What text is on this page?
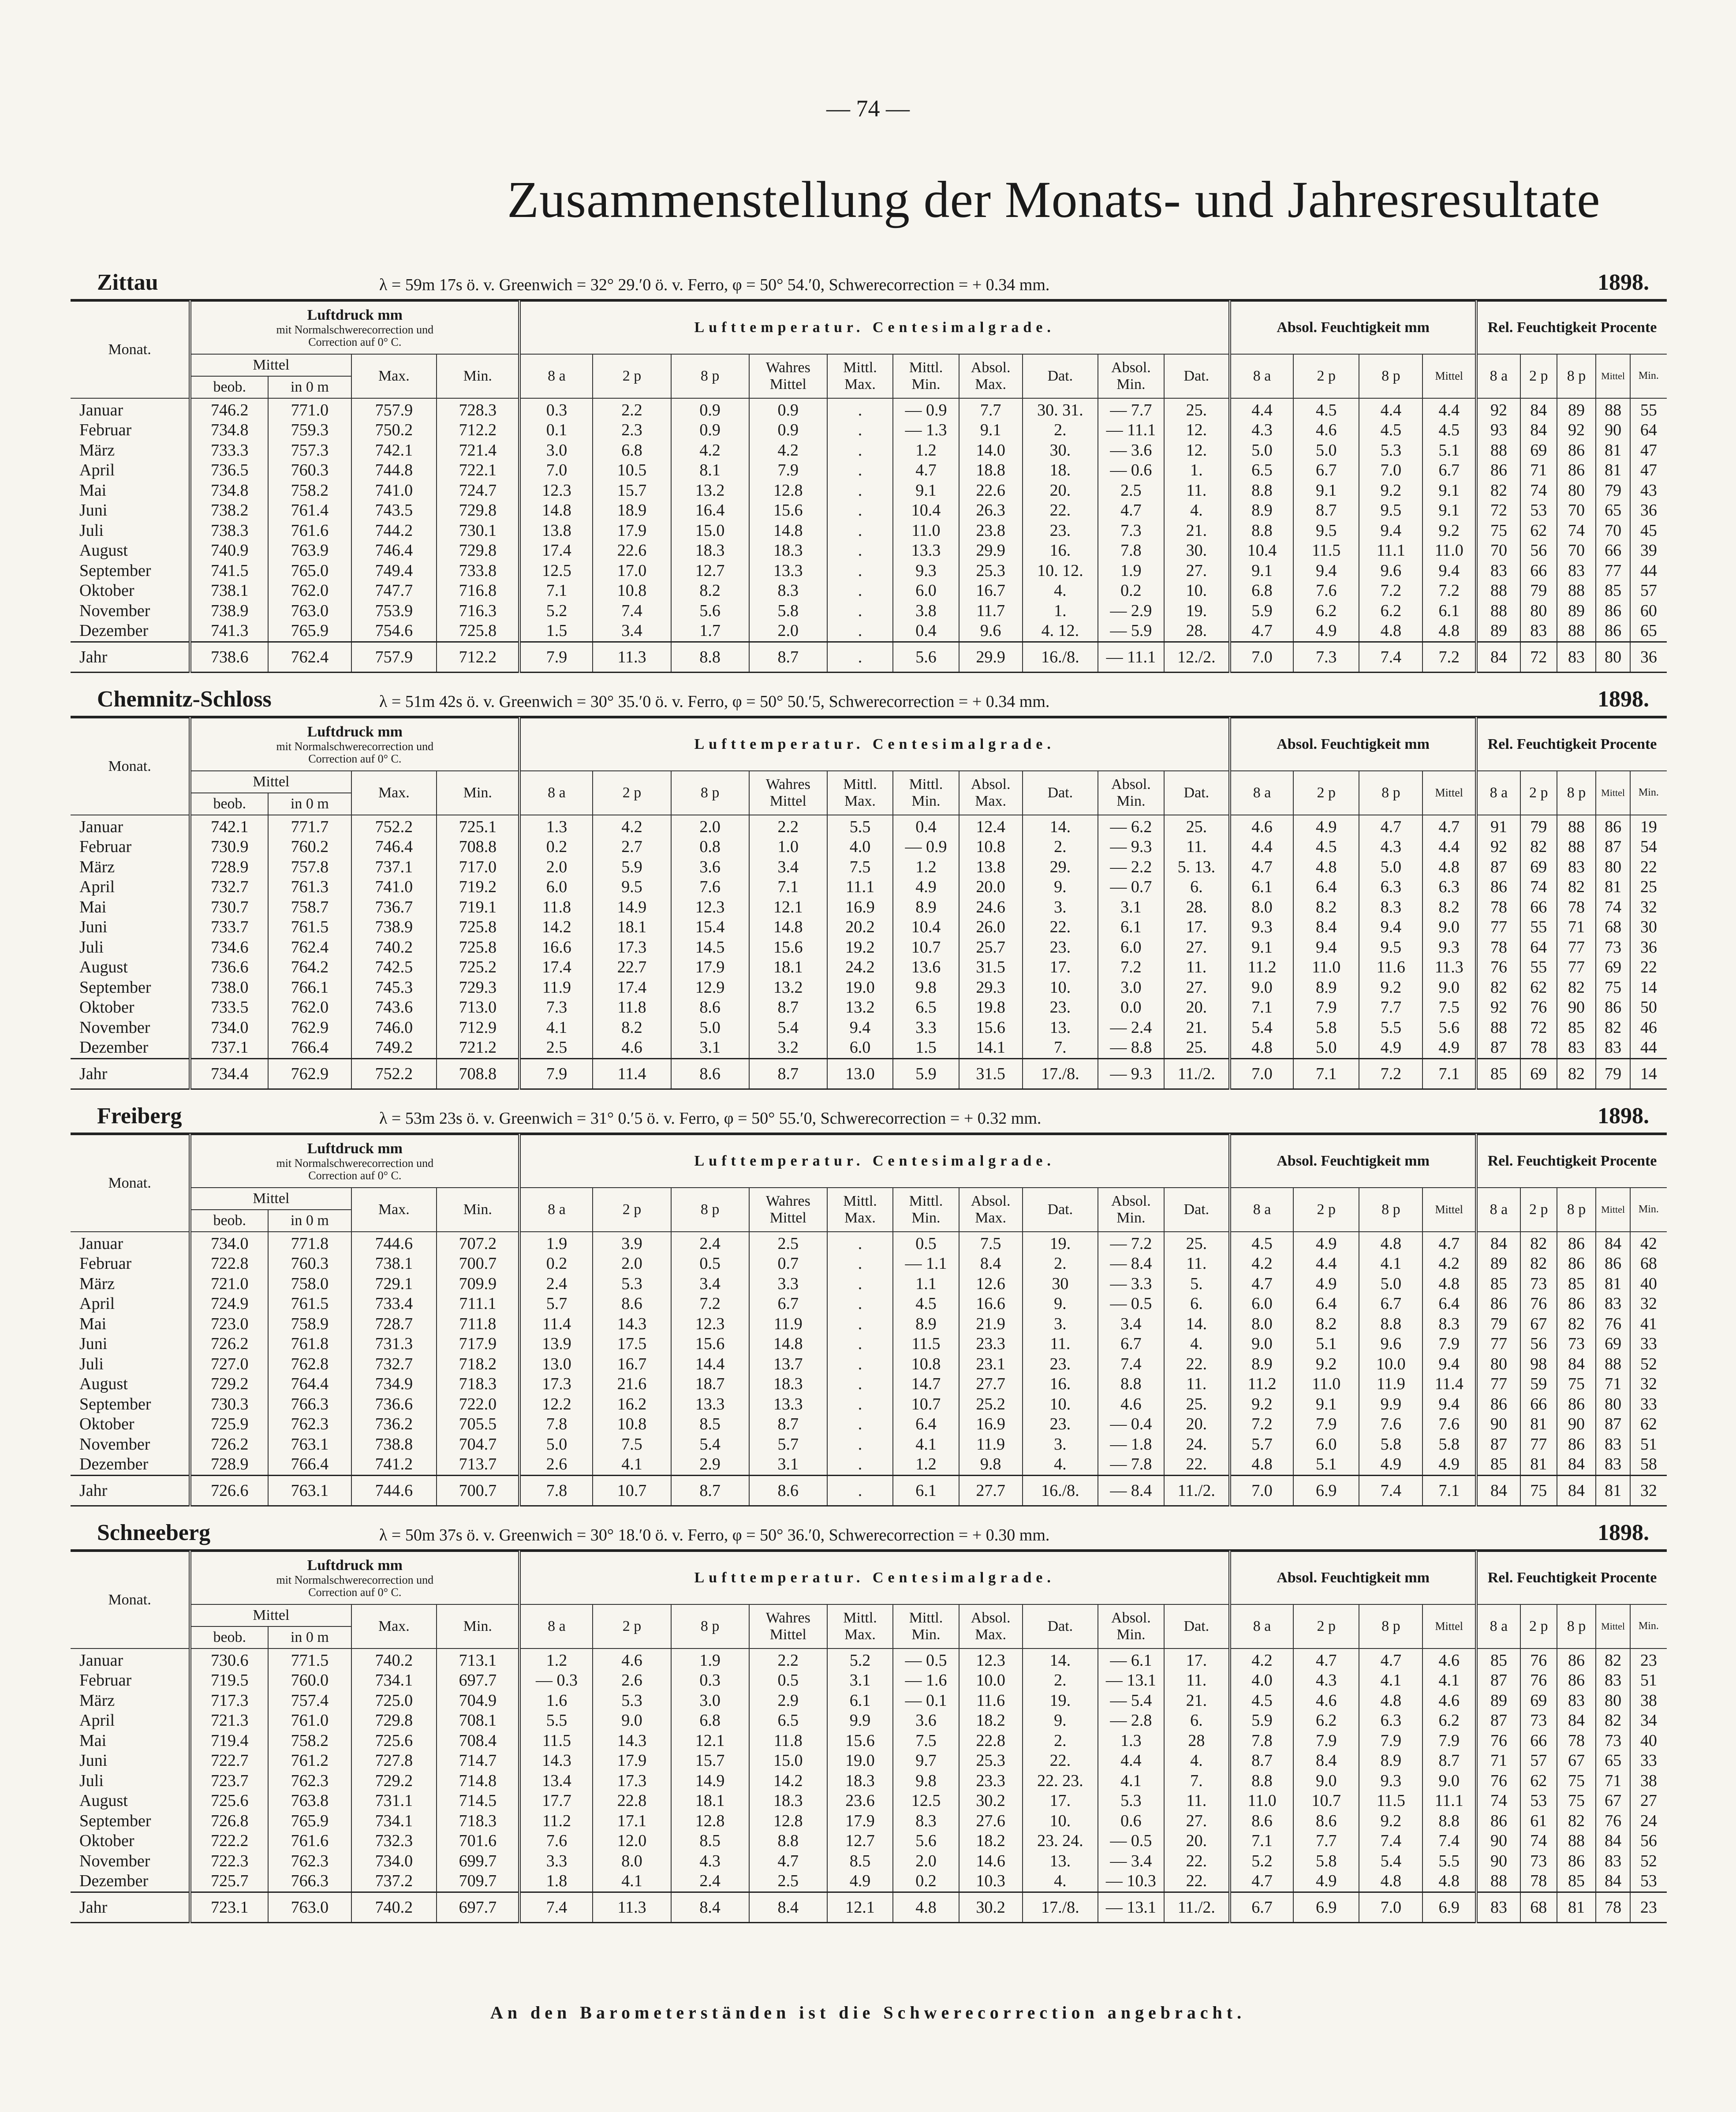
— 74 —
Zusammenstellung der Monats- und Jahresresultate
Zittau	λ = 59m 17s ö. v. Greenwich = 32° 29.′0 ö. v. Ferro, φ = 50° 54.′0, Schwerecorrection = + 0.34 mm.	1898.
Monat.	Luftdruck mm
mit Normalschwerecorrection und
Correction auf 0° C.				Lufttemperatur. Centesimalgrade.										Absol. Feuchtigkeit mm				Rel. Feuchtigkeit Procente				
	Mittel		Max.	Min.	8 a	2 p	8 p	Wahres Mittel	Mittl. Max.	Mittl. Min.	Absol. Max.	Dat.	Absol. Min.	Dat.	8 a	2 p	8 p	Mittel	8 a	2 p	8 p	Mittel	Min.
	beob.	in 0 m																					
Januar	746.2	771.0	757.9	728.3	0.3	2.2	0.9	0.9	.	— 0.9	7.7	30. 31.	— 7.7	25.	4.4	4.5	4.4	4.4	92	84	89	88	55
Februar	734.8	759.3	750.2	712.2	0.1	2.3	0.9	0.9	.	— 1.3	9.1	2.	— 11.1	12.	4.3	4.6	4.5	4.5	93	84	92	90	64
März	733.3	757.3	742.1	721.4	3.0	6.8	4.2	4.2	.	1.2	14.0	30.	— 3.6	12.	5.0	5.0	5.3	5.1	88	69	86	81	47
April	736.5	760.3	744.8	722.1	7.0	10.5	8.1	7.9	.	4.7	18.8	18.	— 0.6	1.	6.5	6.7	7.0	6.7	86	71	86	81	47
Mai	734.8	758.2	741.0	724.7	12.3	15.7	13.2	12.8	.	9.1	22.6	20.	2.5	11.	8.8	9.1	9.2	9.1	82	74	80	79	43
Juni	738.2	761.4	743.5	729.8	14.8	18.9	16.4	15.6	.	10.4	26.3	22.	4.7	4.	8.9	8.7	9.5	9.1	72	53	70	65	36
Juli	738.3	761.6	744.2	730.1	13.8	17.9	15.0	14.8	.	11.0	23.8	23.	7.3	21.	8.8	9.5	9.4	9.2	75	62	74	70	45
August	740.9	763.9	746.4	729.8	17.4	22.6	18.3	18.3	.	13.3	29.9	16.	7.8	30.	10.4	11.5	11.1	11.0	70	56	70	66	39
September	741.5	765.0	749.4	733.8	12.5	17.0	12.7	13.3	.	9.3	25.3	10. 12.	1.9	27.	9.1	9.4	9.6	9.4	83	66	83	77	44
Oktober	738.1	762.0	747.7	716.8	7.1	10.8	8.2	8.3	.	6.0	16.7	4.	0.2	10.	6.8	7.6	7.2	7.2	88	79	88	85	57
November	738.9	763.0	753.9	716.3	5.2	7.4	5.6	5.8	.	3.8	11.7	1.	— 2.9	19.	5.9	6.2	6.2	6.1	88	80	89	86	60
Dezember	741.3	765.9	754.6	725.8	1.5	3.4	1.7	2.0	.	0.4	9.6	4. 12.	— 5.9	28.	4.7	4.9	4.8	4.8	89	83	88	86	65
Jahr	738.6	762.4	757.9	712.2	7.9	11.3	8.8	8.7	.	5.6	29.9	16./8.	— 11.1	12./2.	7.0	7.3	7.4	7.2	84	72	83	80	36
Chemnitz-Schloss	λ = 51m 42s ö. v. Greenwich = 30° 35.′0 ö. v. Ferro, φ = 50° 50.′5, Schwerecorrection = + 0.34 mm.	1898.
Monat.	Luftdruck mm
mit Normalschwerecorrection und
Correction auf 0° C.				Lufttemperatur. Centesimalgrade.										Absol. Feuchtigkeit mm				Rel. Feuchtigkeit Procente				
	Mittel		Max.	Min.	8 a	2 p	8 p	Wahres Mittel	Mittl. Max.	Mittl. Min.	Absol. Max.	Dat.	Absol. Min.	Dat.	8 a	2 p	8 p	Mittel	8 a	2 p	8 p	Mittel	Min.
	beob.	in 0 m																					
Januar	742.1	771.7	752.2	725.1	1.3	4.2	2.0	2.2	5.5	0.4	12.4	14.	— 6.2	25.	4.6	4.9	4.7	4.7	91	79	88	86	19
Februar	730.9	760.2	746.4	708.8	0.2	2.7	0.8	1.0	4.0	— 0.9	10.8	2.	— 9.3	11.	4.4	4.5	4.3	4.4	92	82	88	87	54
März	728.9	757.8	737.1	717.0	2.0	5.9	3.6	3.4	7.5	1.2	13.8	29.	— 2.2	5. 13.	4.7	4.8	5.0	4.8	87	69	83	80	22
April	732.7	761.3	741.0	719.2	6.0	9.5	7.6	7.1	11.1	4.9	20.0	9.	— 0.7	6.	6.1	6.4	6.3	6.3	86	74	82	81	25
Mai	730.7	758.7	736.7	719.1	11.8	14.9	12.3	12.1	16.9	8.9	24.6	3.	3.1	28.	8.0	8.2	8.3	8.2	78	66	78	74	32
Juni	733.7	761.5	738.9	725.8	14.2	18.1	15.4	14.8	20.2	10.4	26.0	22.	6.1	17.	9.3	8.4	9.4	9.0	77	55	71	68	30
Juli	734.6	762.4	740.2	725.8	16.6	17.3	14.5	15.6	19.2	10.7	25.7	23.	6.0	27.	9.1	9.4	9.5	9.3	78	64	77	73	36
August	736.6	764.2	742.5	725.2	17.4	22.7	17.9	18.1	24.2	13.6	31.5	17.	7.2	11.	11.2	11.0	11.6	11.3	76	55	77	69	22
September	738.0	766.1	745.3	729.3	11.9	17.4	12.9	13.2	19.0	9.8	29.3	10.	3.0	27.	9.0	8.9	9.2	9.0	82	62	82	75	14
Oktober	733.5	762.0	743.6	713.0	7.3	11.8	8.6	8.7	13.2	6.5	19.8	23.	0.0	20.	7.1	7.9	7.7	7.5	92	76	90	86	50
November	734.0	762.9	746.0	712.9	4.1	8.2	5.0	5.4	9.4	3.3	15.6	13.	— 2.4	21.	5.4	5.8	5.5	5.6	88	72	85	82	46
Dezember	737.1	766.4	749.2	721.2	2.5	4.6	3.1	3.2	6.0	1.5	14.1	7.	— 8.8	25.	4.8	5.0	4.9	4.9	87	78	83	83	44
Jahr	734.4	762.9	752.2	708.8	7.9	11.4	8.6	8.7	13.0	5.9	31.5	17./8.	— 9.3	11./2.	7.0	7.1	7.2	7.1	85	69	82	79	14
Freiberg	λ = 53m 23s ö. v. Greenwich = 31° 0.′5 ö. v. Ferro, φ = 50° 55.′0, Schwerecorrection = + 0.32 mm.	1898.
Monat.	Luftdruck mm
mit Normalschwerecorrection und
Correction auf 0° C.				Lufttemperatur. Centesimalgrade.										Absol. Feuchtigkeit mm				Rel. Feuchtigkeit Procente				
	Mittel		Max.	Min.	8 a	2 p	8 p	Wahres Mittel	Mittl. Max.	Mittl. Min.	Absol. Max.	Dat.	Absol. Min.	Dat.	8 a	2 p	8 p	Mittel	8 a	2 p	8 p	Mittel	Min.
	beob.	in 0 m																					
Januar	734.0	771.8	744.6	707.2	1.9	3.9	2.4	2.5	.	0.5	7.5	19.	— 7.2	25.	4.5	4.9	4.8	4.7	84	82	86	84	42
Februar	722.8	760.3	738.1	700.7	0.2	2.0	0.5	0.7	.	— 1.1	8.4	2.	— 8.4	11.	4.2	4.4	4.1	4.2	89	82	86	86	68
März	721.0	758.0	729.1	709.9	2.4	5.3	3.4	3.3	.	1.1	12.6	30	— 3.3	5.	4.7	4.9	5.0	4.8	85	73	85	81	40
April	724.9	761.5	733.4	711.1	5.7	8.6	7.2	6.7	.	4.5	16.6	9.	— 0.5	6.	6.0	6.4	6.7	6.4	86	76	86	83	32
Mai	723.0	758.9	728.7	711.8	11.4	14.3	12.3	11.9	.	8.9	21.9	3.	3.4	14.	8.0	8.2	8.8	8.3	79	67	82	76	41
Juni	726.2	761.8	731.3	717.9	13.9	17.5	15.6	14.8	.	11.5	23.3	11.	6.7	4.	9.0	5.1	9.6	7.9	77	56	73	69	33
Juli	727.0	762.8	732.7	718.2	13.0	16.7	14.4	13.7	.	10.8	23.1	23.	7.4	22.	8.9	9.2	10.0	9.4	80	98	84	88	52
August	729.2	764.4	734.9	718.3	17.3	21.6	18.7	18.3	.	14.7	27.7	16.	8.8	11.	11.2	11.0	11.9	11.4	77	59	75	71	32
September	730.3	766.3	736.6	722.0	12.2	16.2	13.3	13.3	.	10.7	25.2	10.	4.6	25.	9.2	9.1	9.9	9.4	86	66	86	80	33
Oktober	725.9	762.3	736.2	705.5	7.8	10.8	8.5	8.7	.	6.4	16.9	23.	— 0.4	20.	7.2	7.9	7.6	7.6	90	81	90	87	62
November	726.2	763.1	738.8	704.7	5.0	7.5	5.4	5.7	.	4.1	11.9	3.	— 1.8	24.	5.7	6.0	5.8	5.8	87	77	86	83	51
Dezember	728.9	766.4	741.2	713.7	2.6	4.1	2.9	3.1	.	1.2	9.8	4.	— 7.8	22.	4.8	5.1	4.9	4.9	85	81	84	83	58
Jahr	726.6	763.1	744.6	700.7	7.8	10.7	8.7	8.6	.	6.1	27.7	16./8.	— 8.4	11./2.	7.0	6.9	7.4	7.1	84	75	84	81	32
Schneeberg	λ = 50m 37s ö. v. Greenwich = 30° 18.′0 ö. v. Ferro, φ = 50° 36.′0, Schwerecorrection = + 0.30 mm.	1898.
Monat.	Luftdruck mm
mit Normalschwerecorrection und
Correction auf 0° C.				Lufttemperatur. Centesimalgrade.										Absol. Feuchtigkeit mm				Rel. Feuchtigkeit Procente				
	Mittel		Max.	Min.	8 a	2 p	8 p	Wahres Mittel	Mittl. Max.	Mittl. Min.	Absol. Max.	Dat.	Absol. Min.	Dat.	8 a	2 p	8 p	Mittel	8 a	2 p	8 p	Mittel	Min.
	beob.	in 0 m																					
Januar	730.6	771.5	740.2	713.1	1.2	4.6	1.9	2.2	5.2	— 0.5	12.3	14.	— 6.1	17.	4.2	4.7	4.7	4.6	85	76	86	82	23
Februar	719.5	760.0	734.1	697.7	— 0.3	2.6	0.3	0.5	3.1	— 1.6	10.0	2.	— 13.1	11.	4.0	4.3	4.1	4.1	87	76	86	83	51
März	717.3	757.4	725.0	704.9	1.6	5.3	3.0	2.9	6.1	— 0.1	11.6	19.	— 5.4	21.	4.5	4.6	4.8	4.6	89	69	83	80	38
April	721.3	761.0	729.8	708.1	5.5	9.0	6.8	6.5	9.9	3.6	18.2	9.	— 2.8	6.	5.9	6.2	6.3	6.2	87	73	84	82	34
Mai	719.4	758.2	725.6	708.4	11.5	14.3	12.1	11.8	15.6	7.5	22.8	2.	1.3	28	7.8	7.9	7.9	7.9	76	66	78	73	40
Juni	722.7	761.2	727.8	714.7	14.3	17.9	15.7	15.0	19.0	9.7	25.3	22.	4.4	4.	8.7	8.4	8.9	8.7	71	57	67	65	33
Juli	723.7	762.3	729.2	714.8	13.4	17.3	14.9	14.2	18.3	9.8	23.3	22. 23.	4.1	7.	8.8	9.0	9.3	9.0	76	62	75	71	38
August	725.6	763.8	731.1	714.5	17.7	22.8	18.1	18.3	23.6	12.5	30.2	17.	5.3	11.	11.0	10.7	11.5	11.1	74	53	75	67	27
September	726.8	765.9	734.1	718.3	11.2	17.1	12.8	12.8	17.9	8.3	27.6	10.	0.6	27.	8.6	8.6	9.2	8.8	86	61	82	76	24
Oktober	722.2	761.6	732.3	701.6	7.6	12.0	8.5	8.8	12.7	5.6	18.2	23. 24.	— 0.5	20.	7.1	7.7	7.4	7.4	90	74	88	84	56
November	722.3	762.3	734.0	699.7	3.3	8.0	4.3	4.7	8.5	2.0	14.6	13.	— 3.4	22.	5.2	5.8	5.4	5.5	90	73	86	83	52
Dezember	725.7	766.3	737.2	709.7	1.8	4.1	2.4	2.5	4.9	0.2	10.3	4.	— 10.3	22.	4.7	4.9	4.8	4.8	88	78	85	84	53
Jahr	723.1	763.0	740.2	697.7	7.4	11.3	8.4	8.4	12.1	4.8	30.2	17./8.	— 13.1	11./2.	6.7	6.9	7.0	6.9	83	68	81	78	23
An den Barometerständen ist die Schwerecorrection angebracht.
